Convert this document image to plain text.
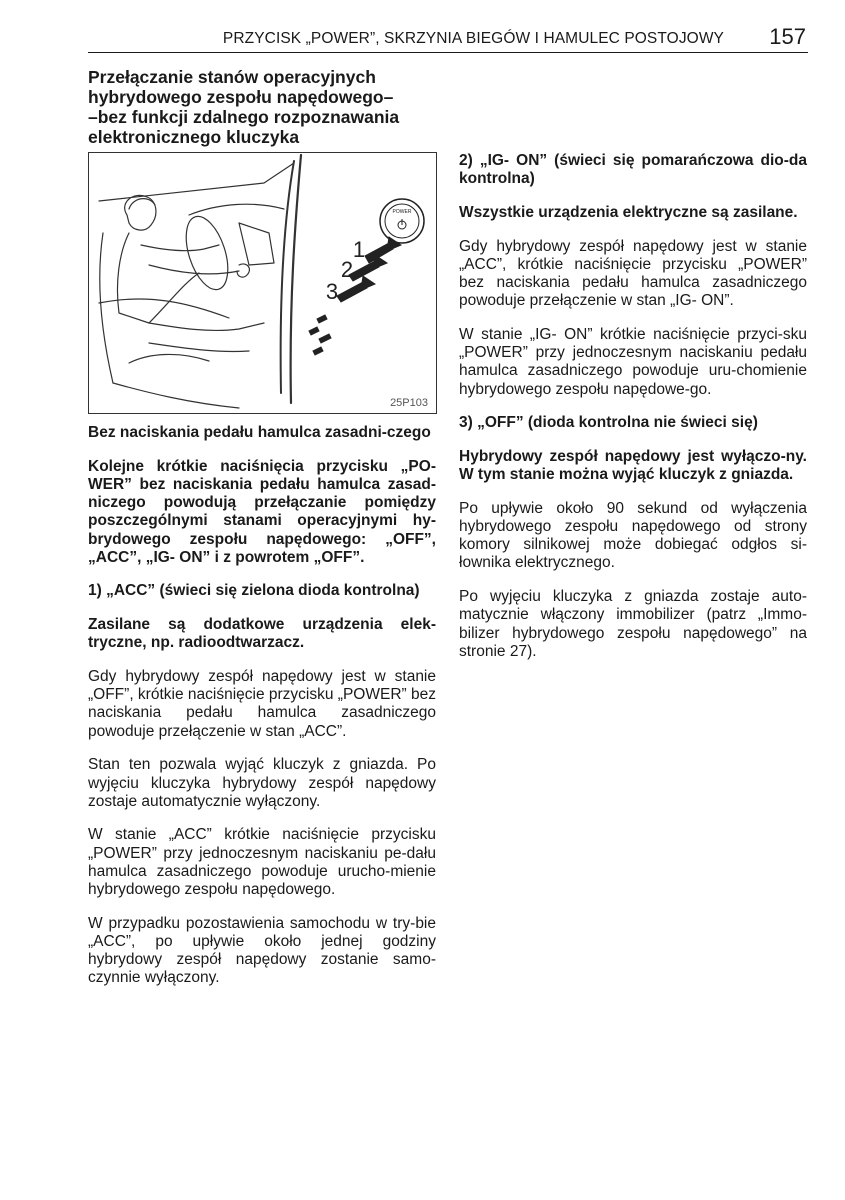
PRZYCISK „POWER”, SKRZYNIA BIEGÓW I HAMULEC POSTOJOWY 157
Przełączanie stanów operacyjnych
hybrydowego zespołu napędowego–
–bez funkcji zdalnego rozpoznawania
elektronicznego kluczyka
POWER
1
2
3
25P103

Bez naciskania pedału hamulca zasadni-czego

Kolejne krótkie naciśnięcia przycisku „PO-WER” bez naciskania pedału hamulca zasad-niczego powodują przełączanie pomiędzy poszczególnymi stanami operacyjnymi hy-brydowego zespołu napędowego: „OFF”, „ACC”, „IG- ON” i z powrotem „OFF”.

1) „ACC” (świeci się zielona dioda kontrolna)

Zasilane są dodatkowe urządzenia elek-tryczne, np. radioodtwarzacz.

Gdy hybrydowy zespół napędowy jest w stanie „OFF”, krótkie naciśnięcie przycisku „POWER” bez naciskania pedału hamulca zasadniczego powoduje przełączenie w stan „ACC”.

Stan ten pozwala wyjąć kluczyk z gniazda. Po wyjęciu kluczyka hybrydowy zespół napędowy zostaje automatycznie wyłączony.

W stanie „ACC” krótkie naciśnięcie przycisku „POWER” przy jednoczesnym naciskaniu pe-dału hamulca zasadniczego powoduje urucho-mienie hybrydowego zespołu napędowego.

W przypadku pozostawienia samochodu w try-bie „ACC”, po upływie około jednej godziny hybrydowy zespół napędowy zostanie samo-czynnie wyłączony.

2) „IG- ON” (świeci się pomarańczowa dio-da kontrolna)

Wszystkie urządzenia elektryczne są zasilane.

Gdy hybrydowy zespół napędowy jest w stanie „ACC”, krótkie naciśnięcie przycisku „POWER” bez naciskania pedału hamulca zasadniczego powoduje przełączenie w stan „IG- ON”.

W stanie „IG- ON” krótkie naciśnięcie przyci-sku „POWER” przy jednoczesnym naciskaniu pedału hamulca zasadniczego powoduje uru-chomienie hybrydowego zespołu napędowe-go.

3) „OFF” (dioda kontrolna nie świeci się)

Hybrydowy zespół napędowy jest wyłączo-ny. W tym stanie można wyjąć kluczyk z gniazda.

Po upływie około 90 sekund od wyłączenia hybrydowego zespołu napędowego od strony komory silnikowej może dobiegać odgłos si-łownika elektrycznego.

Po wyjęciu kluczyka z gniazda zostaje auto-matycznie włączony immobilizer (patrz „Immo-bilizer hybrydowego zespołu napędowego” na stronie 27).
